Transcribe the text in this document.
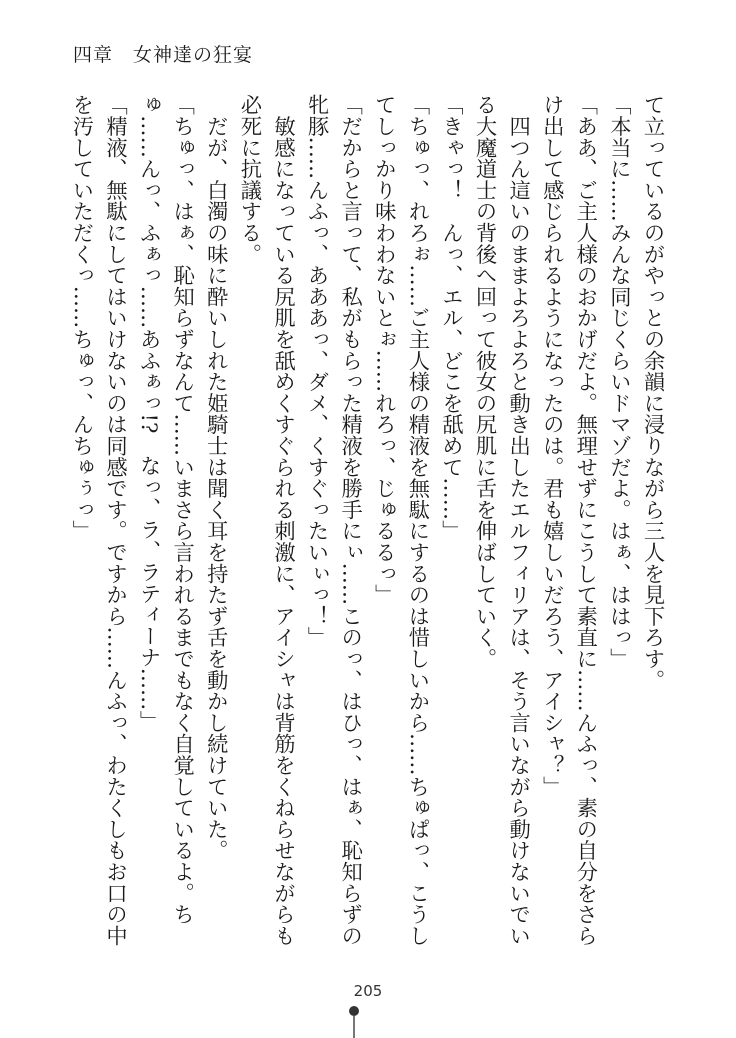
四章　女神達の狂宴

て立っているのがやっとの余韻に浸りながら三人を見下ろす。

「本当に……みんな同じくらいドマゾだよ。はぁ、ははっ」

「ああ、ご主人様のおかげだよ。無理せずにこうして素直に……んふっ、素の自分をさらけ出して感じられるようになったのは。君も嬉しいだろう、アイシャ？」

　四つん這いのままよろよろと動き出したエルフィリアは、そう言いながら動けないでいる大魔道士の背後へ回って彼女の尻肌に舌を伸ばしていく。

「きゃっ！　んっ、エル、どこを舐めて……」

「ちゅっ、れろぉ……ご主人様の精液を無駄にするのは惜しいから……ちゅぱっ、こうしてしっかり味わわないとぉ……れろっ、じゅるるっ」

「だからと言って、私がもらった精液を勝手にぃ……このっ、はひっ、はぁ、恥知らずの牝豚……んふっ、あああっ、ダメ、くすぐったいぃっ！」

　敏感になっている尻肌を舐めくすぐられる刺激に、アイシャは背筋をくねらせながらも必死に抗議する。

　だが、白濁の味に酔いしれた姫騎士は聞く耳を持たず舌を動かし続けていた。

「ちゅっ、はぁ、恥知らずなんて……いまさら言われるまでもなく自覚しているよ。ちゅ……んっ、ふぁっ……あふぁっ!?　なっ、ラ、ラティーナ……」

「精液、無駄にしてはいけないのは同感です。ですから……んふっ、わたくしもお口の中を汚していただくっ……ちゅっ、んちゅぅっ」

205
